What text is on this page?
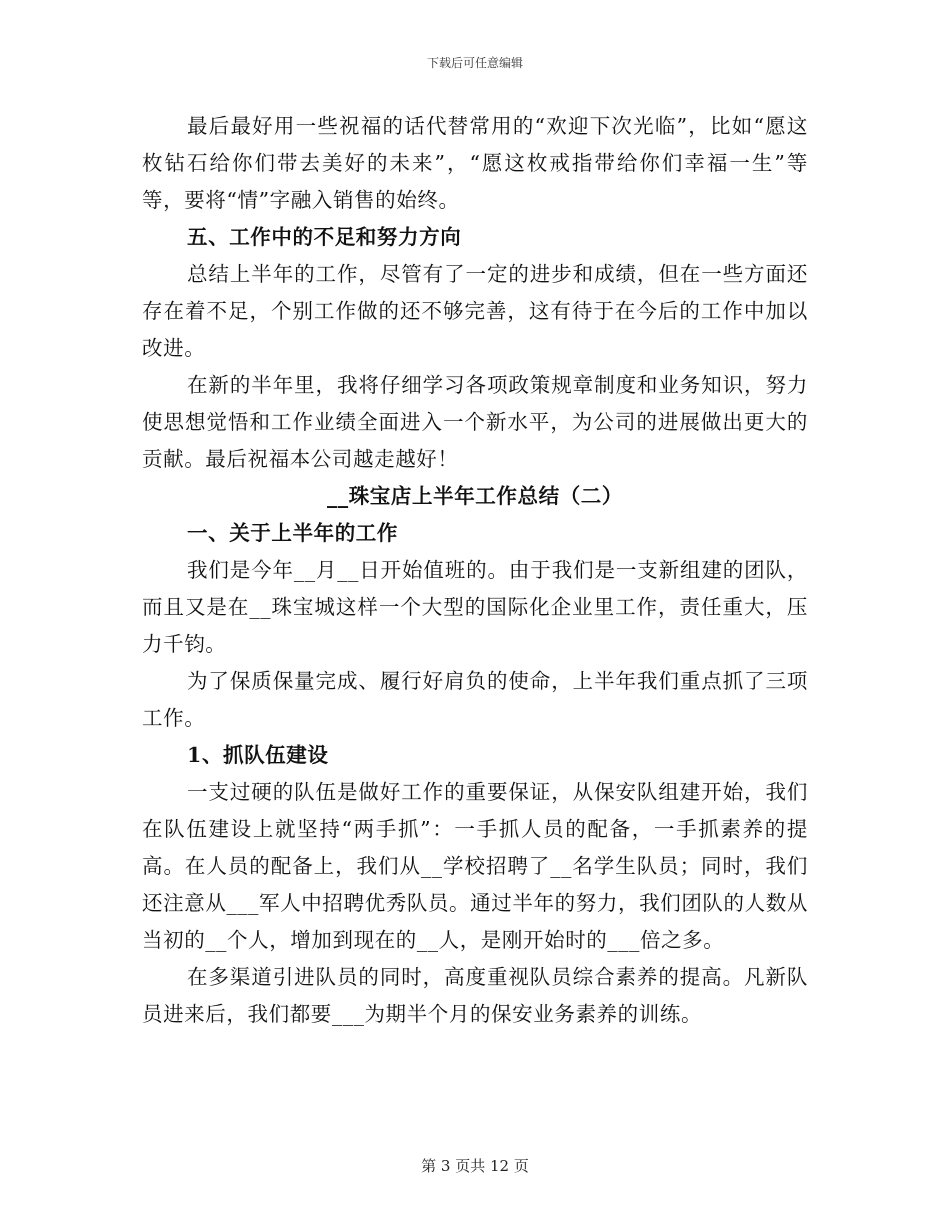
下载后可任意编辑

最后最好用一些祝福的话代替常用的“欢迎下次光临”，比如“愿这枚钻石给你们带去美好的未来”，“愿这枚戒指带给你们幸福一生”等等，要将“情”字融入销售的始终。

五、工作中的不足和努力方向

总结上半年的工作，尽管有了一定的进步和成绩，但在一些方面还存在着不足，个别工作做的还不够完善，这有待于在今后的工作中加以改进。

在新的半年里，我将仔细学习各项政策规章制度和业务知识，努力使思想觉悟和工作业绩全面进入一个新水平，为公司的进展做出更大的贡献。最后祝福本公司越走越好！

__珠宝店上半年工作总结（二）

一、关于上半年的工作

我们是今年__月__日开始值班的。由于我们是一支新组建的团队，而且又是在__珠宝城这样一个大型的国际化企业里工作，责任重大，压力千钧。

为了保质保量完成、履行好肩负的使命，上半年我们重点抓了三项工作。

1、抓队伍建设

一支过硬的队伍是做好工作的重要保证，从保安队组建开始，我们在队伍建设上就坚持“两手抓”：一手抓人员的配备，一手抓素养的提高。在人员的配备上，我们从__学校招聘了__名学生队员；同时，我们还注意从___军人中招聘优秀队员。通过半年的努力，我们团队的人数从当初的__个人，增加到现在的__人，是刚开始时的___倍之多。

在多渠道引进队员的同时，高度重视队员综合素养的提高。凡新队员进来后，我们都要___为期半个月的保安业务素养的训练。

第 3 页共 12 页
